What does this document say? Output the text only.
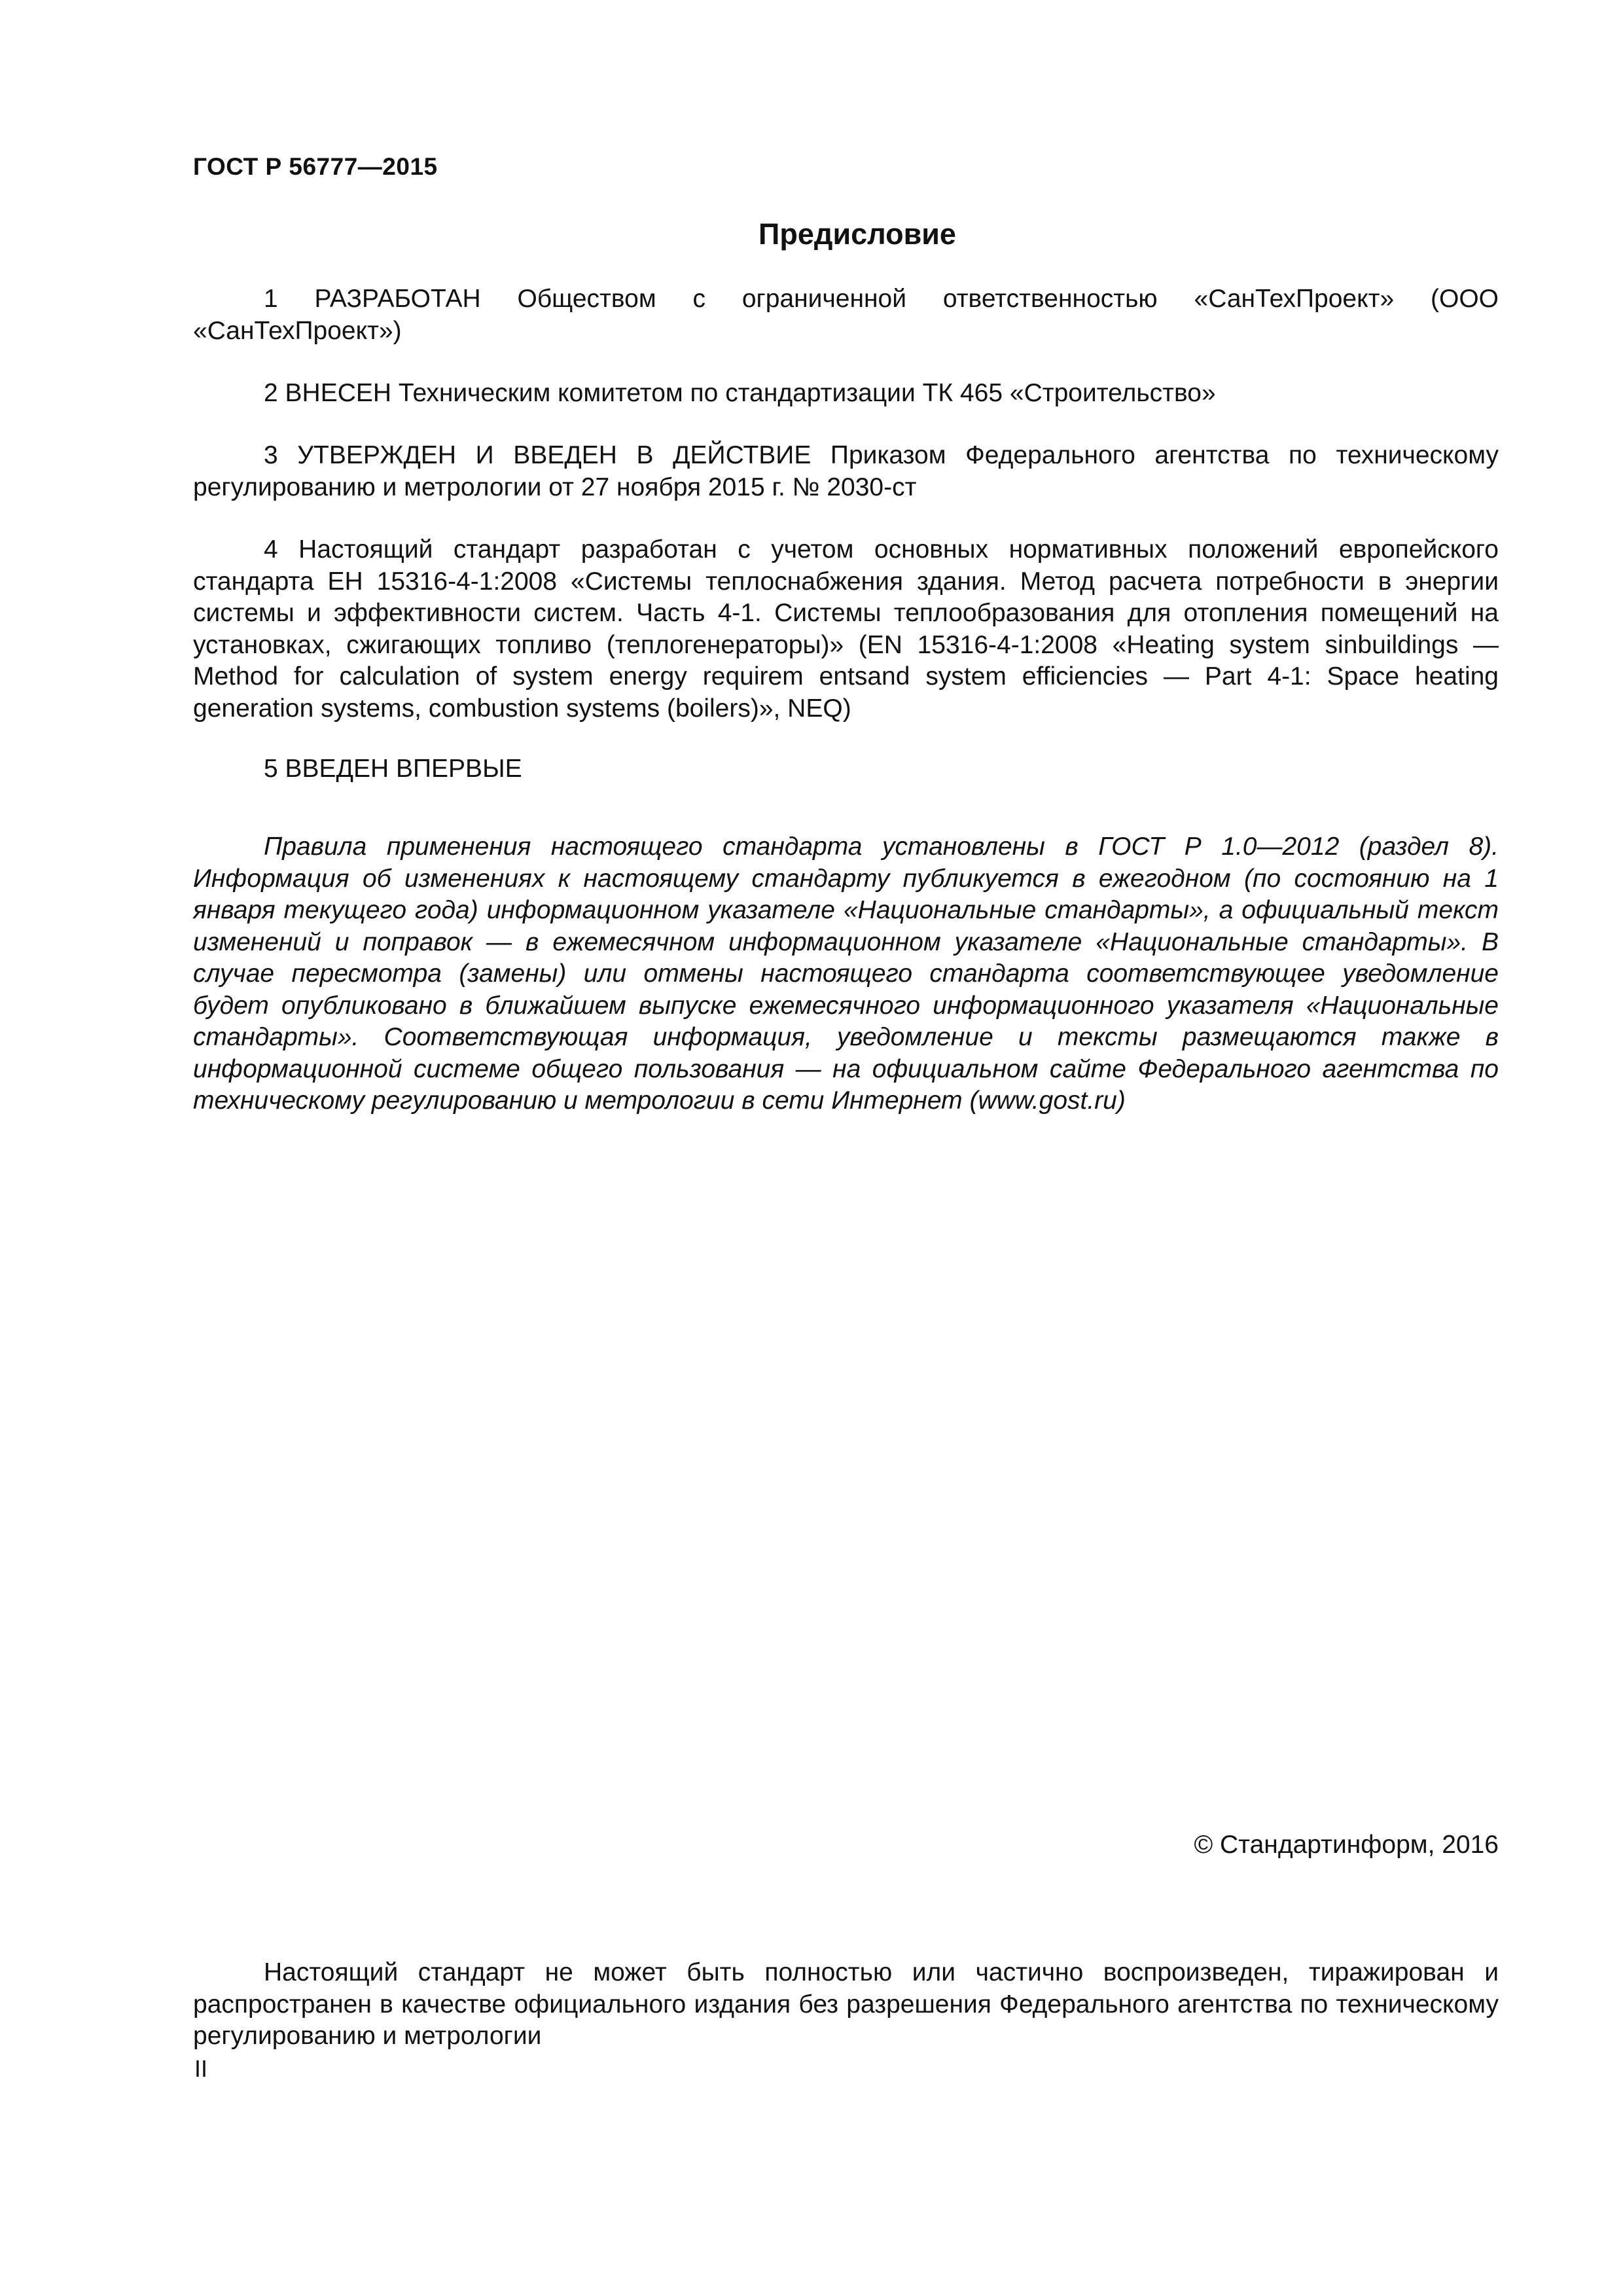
ГОСТ Р 56777—2015

Предисловие

1 РАЗРАБОТАН Обществом с ограниченной ответственностью «СанТехПроект» (ООО «СанТехПроект»)

2 ВНЕСЕН Техническим комитетом по стандартизации ТК 465 «Строительство»

3 УТВЕРЖДЕН И ВВЕДЕН В ДЕЙСТВИЕ Приказом Федерального агентства по техническому регулированию и метрологии от 27 ноября 2015 г. № 2030-ст

4 Настоящий стандарт разработан с учетом основных нормативных положений европейского стандарта ЕН 15316-4-1:2008 «Системы теплоснабжения здания. Метод расчета потребности в энергии системы и эффективности систем. Часть 4-1. Системы теплообразования для отопления помещений на установках, сжигающих топливо (теплогенераторы)» (EN 15316-4-1:2008 «Heating system sinbuildings — Method for calculation of system energy requirem entsand system efficiencies — Part 4-1: Space heating generation systems, combustion systems (boilers)», NEQ)

5 ВВЕДЕН ВПЕРВЫЕ

Правила применения настоящего стандарта установлены в ГОСТ Р 1.0—2012 (раздел 8). Информация об изменениях к настоящему стандарту публикуется в ежегодном (по состоянию на 1 января текущего года) информационном указателе «Национальные стандарты», а официальный текст изменений и поправок — в ежемесячном информационном указателе «Национальные стандарты». В случае пересмотра (замены) или отмены настоящего стандарта соответствующее уведомление будет опубликовано в ближайшем выпуске ежемесячного информационного указателя «Национальные стандарты». Соответствующая информация, уведомление и тексты размещаются также в информационной системе общего пользования — на официальном сайте Федерального агентства по техническому регулированию и метрологии в сети Интернет (www.gost.ru)

© Стандартинформ, 2016

Настоящий стандарт не может быть полностью или частично воспроизведен, тиражирован и распространен в качестве официального издания без разрешения Федерального агентства по техническому регулированию и метрологии

II
